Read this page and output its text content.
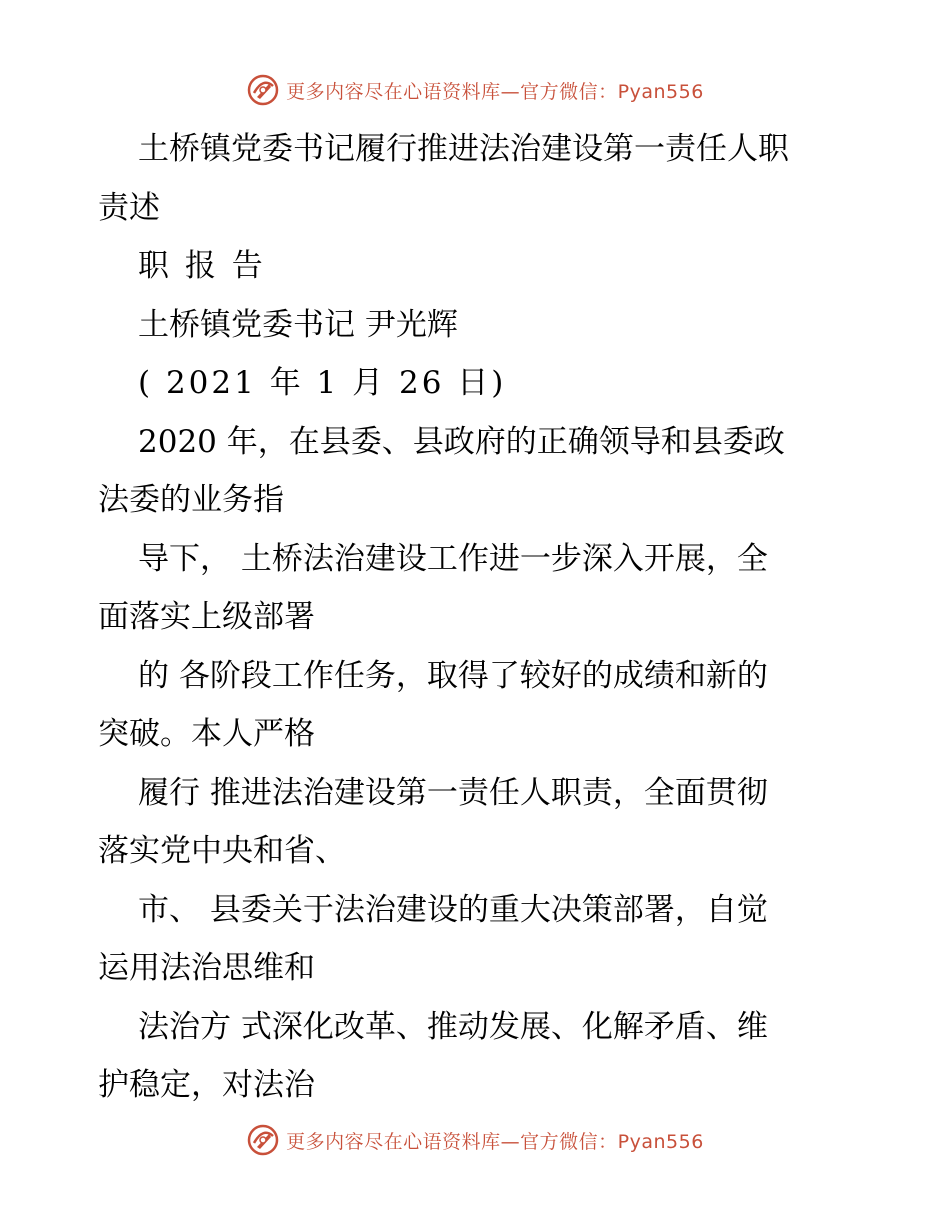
更多内容尽在心语资料库—官方微信：Pyan556
土桥镇党委书记履行推进法治建设第一责任人职
责述
职 报 告
土桥镇党委书记 尹光辉
( 2021 年 1 月 26 日)
2020 年，在县委、县政府的正确领导和县委政
法委的业务指
导下， 土桥法治建设工作进一步深入开展，全
面落实上级部署
的 各阶段工作任务，取得了较好的成绩和新的
突破。本人严格
履行 推进法治建设第一责任人职责，全面贯彻
落实党中央和省、
市、 县委关于法治建设的重大决策部署，自觉
运用法治思维和
法治方 式深化改革、推动发展、化解矛盾、维
护稳定，对法治
更多内容尽在心语资料库—官方微信：Pyan556
